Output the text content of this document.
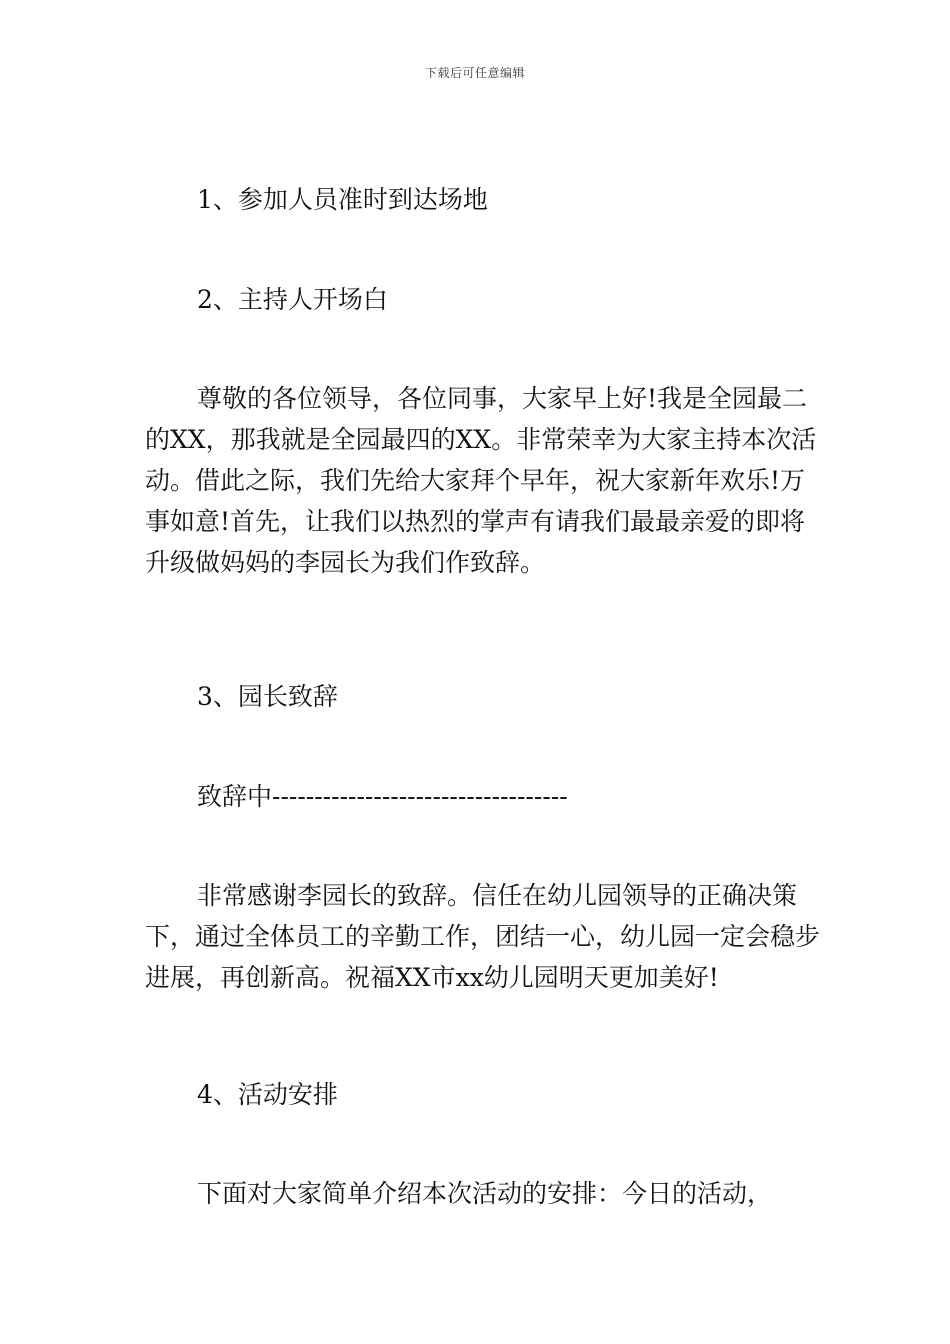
下载后可任意编辑
1、参加人员准时到达场地
2、主持人开场白
尊敬的各位领导，各位同事，大家早上好!我是全园最二的XX，那我就是全园最四的XX。非常荣幸为大家主持本次活动。借此之际，我们先给大家拜个早年，祝大家新年欢乐!万事如意!首先，让我们以热烈的掌声有请我们最最亲爱的即将升级做妈妈的李园长为我们作致辞。
3、园长致辞
致辞中-----------------------------------
非常感谢李园长的致辞。信任在幼儿园领导的正确决策下，通过全体员工的辛勤工作，团结一心，幼儿园一定会稳步进展，再创新高。祝福XX市xx幼儿园明天更加美好!
4、活动安排
下面对大家简单介绍本次活动的安排：今日的活动，
